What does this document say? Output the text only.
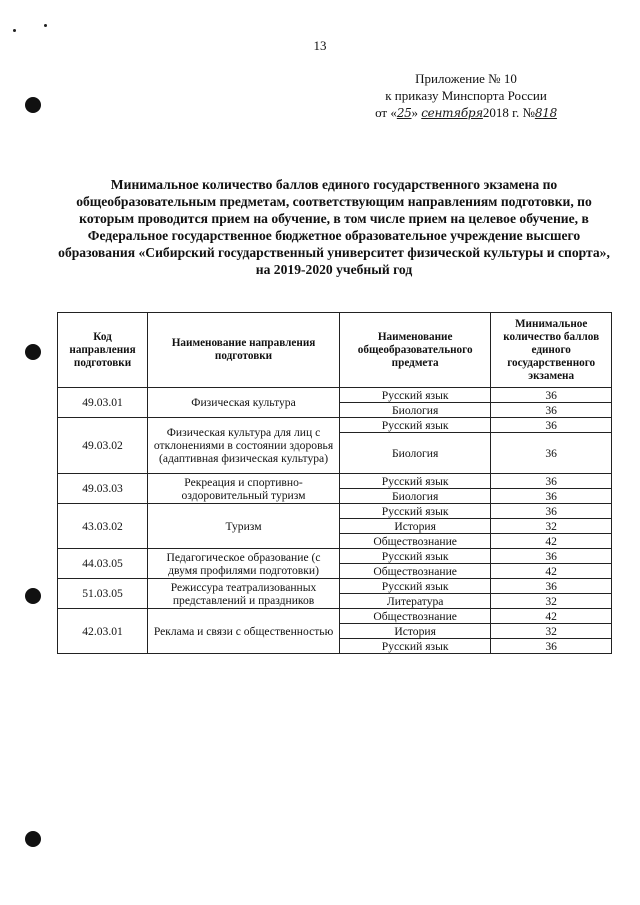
13
Приложение № 10
к приказу Минспорта России
от «25» сентября2018 г. №818
Минимальное количество баллов единого государственного экзамена по общеобразовательным предметам, соответствующим направлениям подготовки, по которым проводится прием на обучение, в том числе прием на целевое обучение, в Федеральное государственное бюджетное образовательное учреждение высшего образования «Сибирский государственный университет физической культуры и спорта», на 2019-2020 учебный год
Код направления подготовки	Наименование направления подготовки	Наименование общеобразовательного предмета	Минимальное количество баллов единого государственного экзамена
49.03.01	Физическая культура	Русский язык	36
		Биология	36
49.03.02	Физическая культура для лиц с отклонениями в состоянии здоровья (адаптивная физическая культура)	Русский язык	36
		Биология	36
49.03.03	Рекреация и спортивно-оздоровительный туризм	Русский язык	36
		Биология	36
43.03.02	Туризм	Русский язык	36
		История	32
		Обществознание	42
44.03.05	Педагогическое образование (с двумя профилями подготовки)	Русский язык	36
		Обществознание	42
51.03.05	Режиссура театрализованных представлений и праздников	Русский язык	36
		Литература	32
42.03.01	Реклама и связи с общественностью	Обществознание	42
		История	32
		Русский язык	36
